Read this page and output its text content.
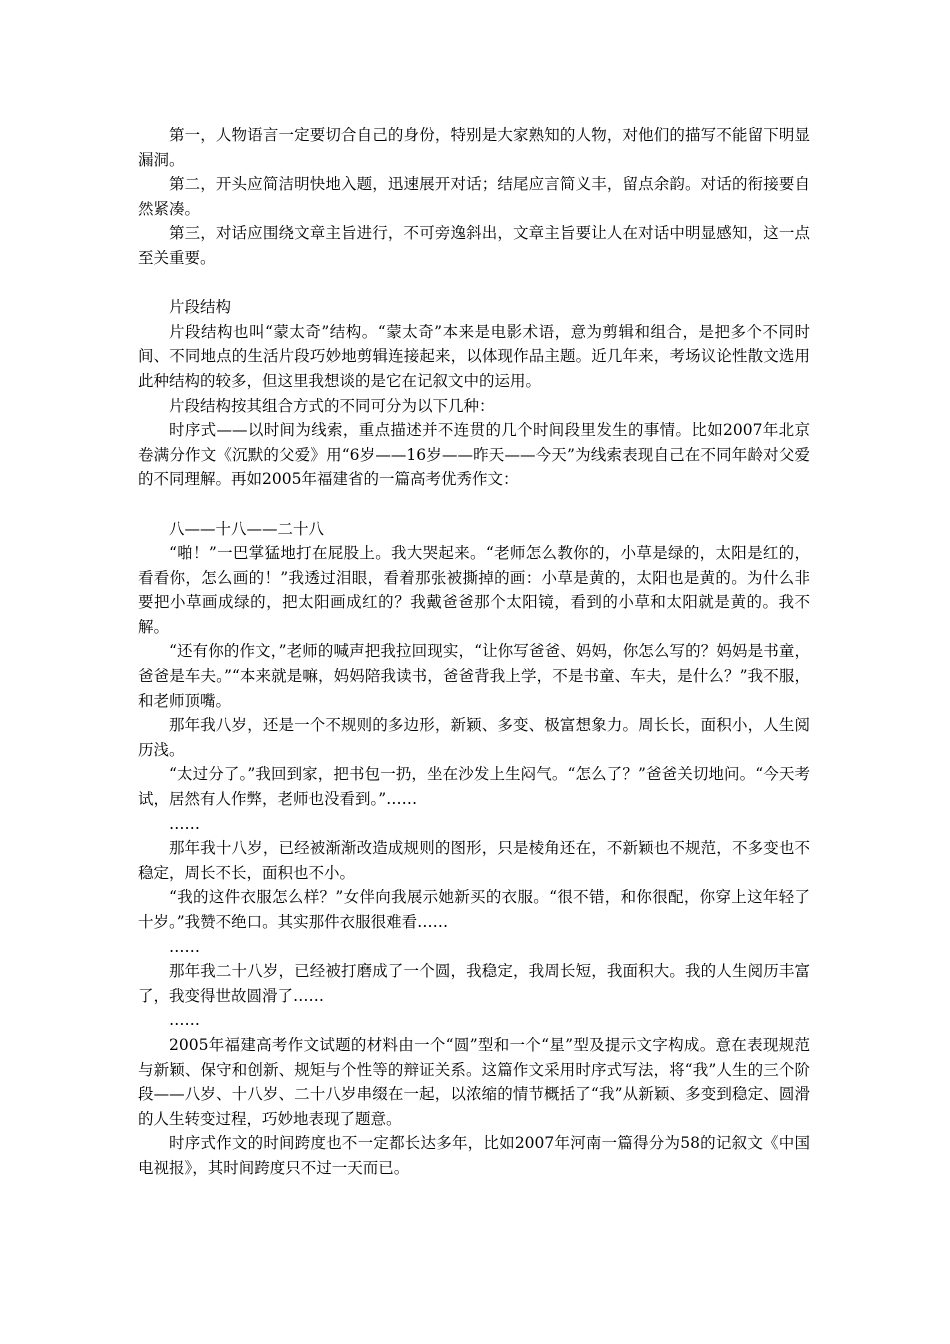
第一，人物语言一定要切合自己的身份，特别是大家熟知的人物，对他们的描写不能留下明显漏洞。

第二，开头应简洁明快地入题，迅速展开对话；结尾应言简义丰，留点余韵。对话的衔接要自然紧凑。

第三，对话应围绕文章主旨进行，不可旁逸斜出，文章主旨要让人在对话中明显感知，这一点至关重要。

片段结构

片段结构也叫“蒙太奇”结构。“蒙太奇”本来是电影术语，意为剪辑和组合，是把多个不同时间、不同地点的生活片段巧妙地剪辑连接起来，以体现作品主题。近几年来，考场议论性散文选用此种结构的较多，但这里我想谈的是它在记叙文中的运用。

片段结构按其组合方式的不同可分为以下几种：

时序式——以时间为线索，重点描述并不连贯的几个时间段里发生的事情。比如2007年北京卷满分作文《沉默的父爱》用“6岁——16岁——昨天——今天”为线索表现自己在不同年龄对父爱的不同理解。再如2005年福建省的一篇高考优秀作文：

八——十八——二十八

“啪！”一巴掌猛地打在屁股上。我大哭起来。“老师怎么教你的，小草是绿的，太阳是红的，看看你，怎么画的！”我透过泪眼，看着那张被撕掉的画：小草是黄的，太阳也是黄的。为什么非要把小草画成绿的，把太阳画成红的？我戴爸爸那个太阳镜，看到的小草和太阳就是黄的。我不解。

“还有你的作文，”老师的喊声把我拉回现实，“让你写爸爸、妈妈，你怎么写的？妈妈是书童，爸爸是车夫。”“本来就是嘛，妈妈陪我读书，爸爸背我上学，不是书童、车夫，是什么？”我不服，和老师顶嘴。

那年我八岁，还是一个不规则的多边形，新颖、多变、极富想象力。周长长，面积小，人生阅历浅。

“太过分了。”我回到家，把书包一扔，坐在沙发上生闷气。“怎么了？”爸爸关切地问。“今天考试，居然有人作弊，老师也没看到。”……

……

那年我十八岁，已经被渐渐改造成规则的图形，只是棱角还在，不新颖也不规范，不多变也不稳定，周长不长，面积也不小。

“我的这件衣服怎么样？”女伴向我展示她新买的衣服。“很不错，和你很配，你穿上这年轻了十岁。”我赞不绝口。其实那件衣服很难看……

……

那年我二十八岁，已经被打磨成了一个圆，我稳定，我周长短，我面积大。我的人生阅历丰富了，我变得世故圆滑了……

……

2005年福建高考作文试题的材料由一个“圆”型和一个“星”型及提示文字构成。意在表现规范与新颖、保守和创新、规矩与个性等的辩证关系。这篇作文采用时序式写法，将“我”人生的三个阶段——八岁、十八岁、二十八岁串缀在一起，以浓缩的情节概括了“我”从新颖、多变到稳定、圆滑的人生转变过程，巧妙地表现了题意。

时序式作文的时间跨度也不一定都长达多年，比如2007年河南一篇得分为58的记叙文《中国电视报》，其时间跨度只不过一天而已。
